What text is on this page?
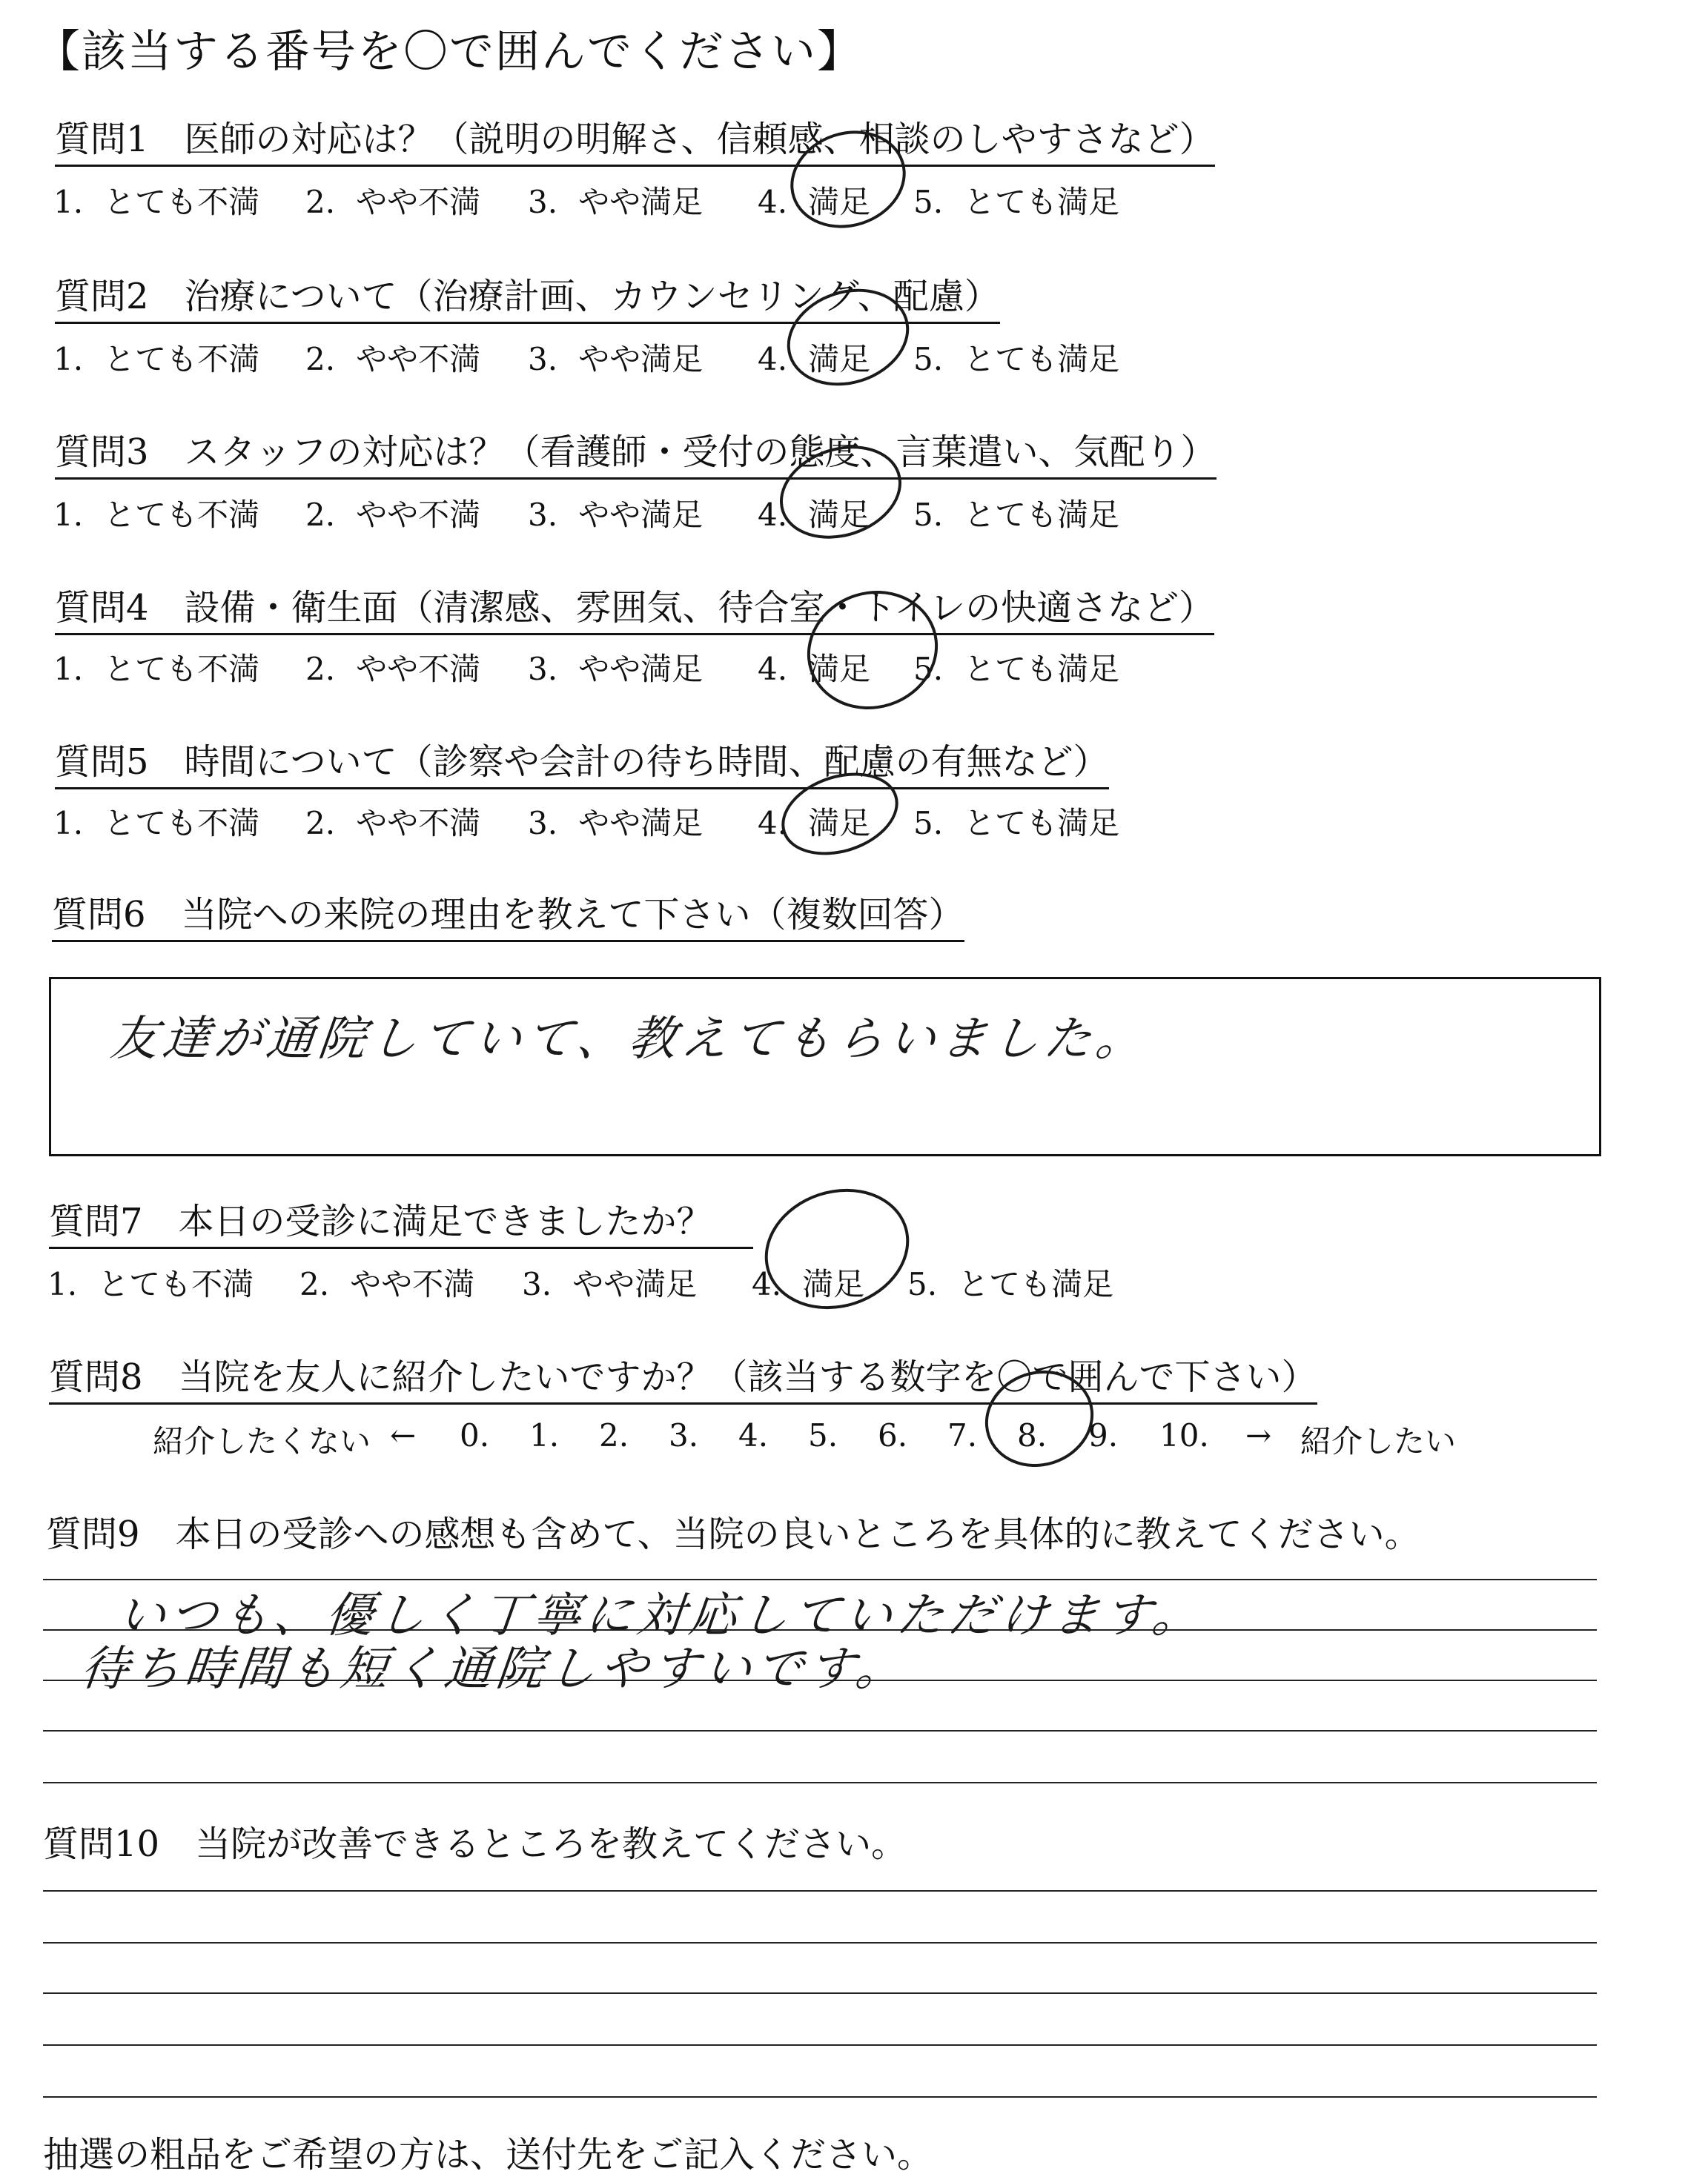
【該当する番号を〇で囲んでください】
質問1 医師の対応は？（説明の明解さ、信頼感、相談のしやすさなど）
1. とても不満 2. やや不満 3. やや満足 4. 満足 5. とても満足
質問2 治療について（治療計画、カウンセリング、配慮）
1. とても不満 2. やや不満 3. やや満足 4. 満足 5. とても満足
質問3 スタッフの対応は？（看護師・受付の態度、言葉遣い、気配り）
1. とても不満 2. やや不満 3. やや満足 4. 満足 5. とても満足
質問4 設備・衛生面（清潔感、雰囲気、待合室・トイレの快適さなど）
1. とても不満 2. やや不満 3. やや満足 4. 満足 5. とても満足
質問5 時間について（診察や会計の待ち時間、配慮の有無など）
1. とても不満 2. やや不満 3. やや満足 4. 満足 5. とても満足
質問6 当院への来院の理由を教えて下さい（複数回答）
友達が通院していて、教えてもらいました。
質問7 本日の受診に満足できましたか？
1. とても不満 2. やや不満 3. やや満足 4. 満足 5. とても満足
質問8 当院を友人に紹介したいですか？（該当する数字を〇で囲んで下さい）
紹介したくない ← 0. 1. 2. 3. 4. 5. 6. 7. 8. 9. 10. → 紹介したい
質問9 本日の受診への感想も含めて、当院の良いところを具体的に教えてください。
いつも、優しく丁寧に対応していただけます。
待ち時間も短く通院しやすいです。
質問10 当院が改善できるところを教えてください。
抽選の粗品をご希望の方は、送付先をご記入ください。
